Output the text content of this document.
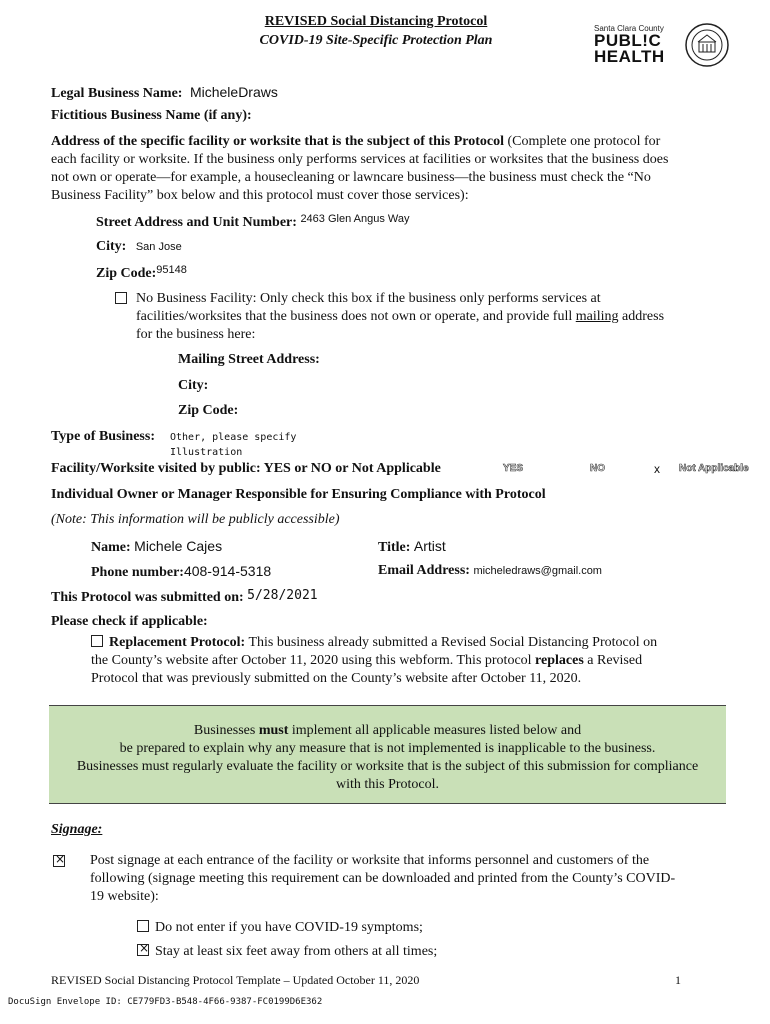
REVISED Social Distancing Protocol
COVID-19 Site-Specific Protection Plan
Santa Clara County
PUBL!C
HEALTH
Legal Business Name: MicheleDraws
Fictitious Business Name (if any):
Address of the specific facility or worksite that is the subject of this Protocol (Complete one protocol for
each facility or worksite. If the business only performs services at facilities or worksites that the business does
not own or operate—for example, a housecleaning or lawncare business—the business must check the “No
Business Facility” box below and this protocol must cover those services):
Street Address and Unit Number: $^{2463 Glen Angus Way}$
City: San Jose
Zip Code:$^{95148}$
No Business Facility: Only check this box if the business only performs services at
facilities/worksites that the business does not own or operate, and provide full mailing address
for the business here:
Mailing Street Address:
City:
Zip Code:
Type of Business: Other, please specify
Illustration
Facility/Worksite visited by public: YES or NO or Not Applicable	YES	NO	x Not Applicable
Individual Owner or Manager Responsible for Ensuring Compliance with Protocol
(Note: This information will be publicly accessible)
Name: Michele Cajes	Title: Artist
Phone number:408-914-5318	Email Address: micheledraws@gmail.com
This Protocol was submitted on: 5/28/2021
Please check if applicable:
Replacement Protocol: This business already submitted a Revised Social Distancing Protocol on
the County’s website after October 11, 2020 using this webform. This protocol replaces a Revised
Protocol that was previously submitted on the County’s website after October 11, 2020.
Businesses must implement all applicable measures listed below and
be prepared to explain why any measure that is not implemented is inapplicable to the business.
Businesses must regularly evaluate the facility or worksite that is the subject of this submission for compliance
with this Protocol.
Signage:
×
Post signage at each entrance of the facility or worksite that informs personnel and customers of the
following (signage meeting this requirement can be downloaded and printed from the County’s COVID-
19 website):
Do not enter if you have COVID-19 symptoms;
×Stay at least six feet away from others at all times;
REVISED Social Distancing Protocol Template – Updated October 11, 2020	1
DocuSign Envelope ID: CE779FD3-B548-4F66-9387-FC0199D6E362
